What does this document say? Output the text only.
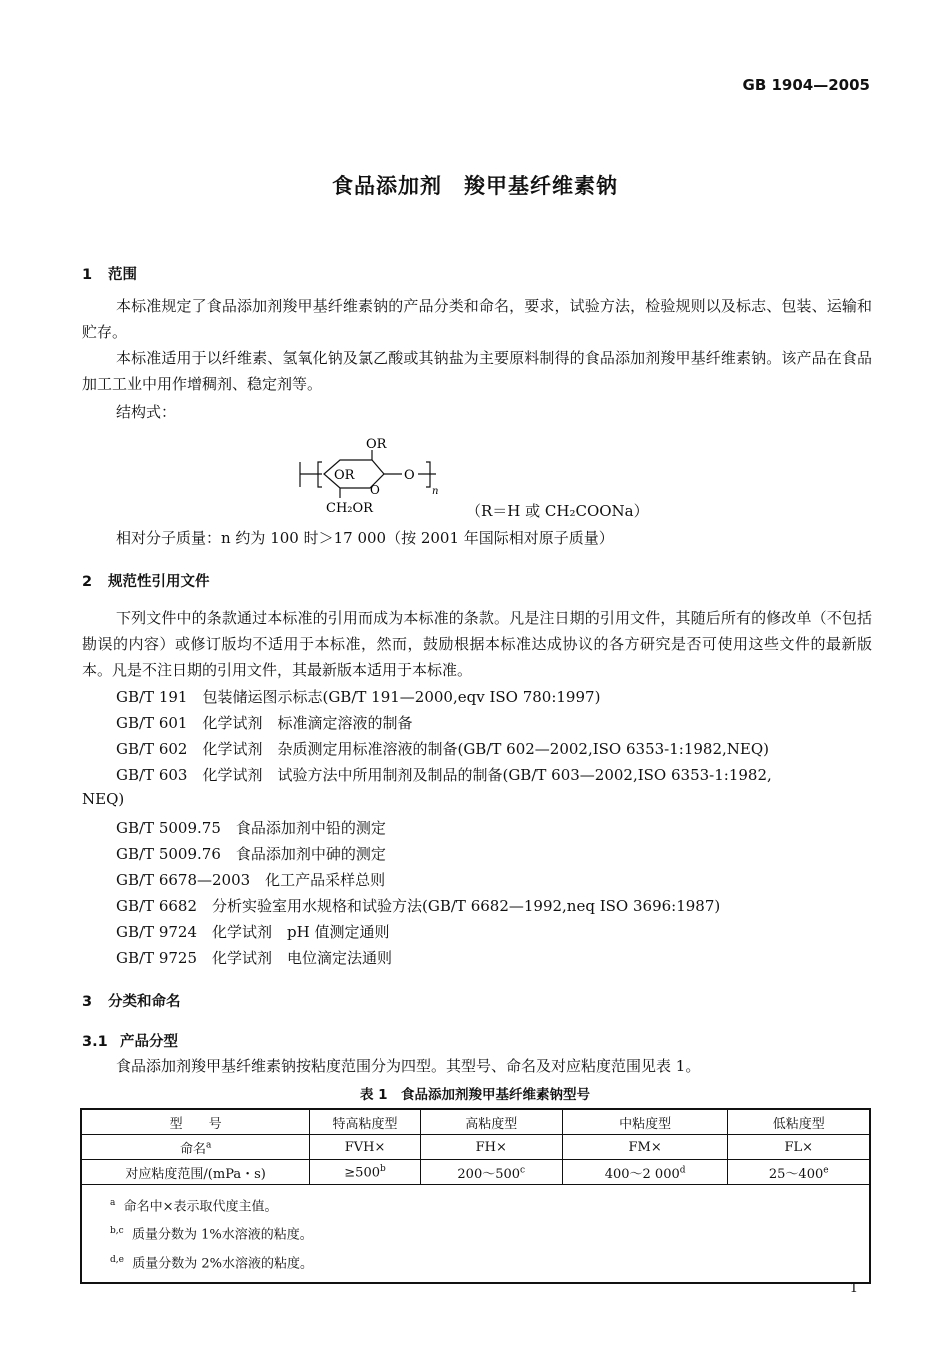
GB 1904—2005
食品添加剂　羧甲基纤维素钠
1 范围
本标准规定了食品添加剂羧甲基纤维素钠的产品分类和命名，要求，试验方法，检验规则以及标志、包装、运输和贮存。
本标准适用于以纤维素、氢氧化钠及氯乙酸或其钠盐为主要原料制得的食品添加剂羧甲基纤维素钠。该产品在食品加工工业中用作增稠剂、稳定剂等。
结构式：
OR
OR
O
O
CH₂OR
n
（R＝H 或 CH₂COONa）
相对分子质量：n 约为 100 时＞17 000（按 2001 年国际相对原子质量）
2 规范性引用文件
下列文件中的条款通过本标准的引用而成为本标准的条款。凡是注日期的引用文件，其随后所有的修改单（不包括勘误的内容）或修订版均不适用于本标准，然而，鼓励根据本标准达成协议的各方研究是否可使用这些文件的最新版本。凡是不注日期的引用文件，其最新版本适用于本标准。
GB/T 191　包装储运图示标志(GB/T 191—2000,eqv ISO 780:1997)
GB/T 601　化学试剂　标准滴定溶液的制备
GB/T 602　化学试剂　杂质测定用标准溶液的制备(GB/T 602—2002,ISO 6353-1:1982,NEQ)
GB/T 603　化学试剂　试验方法中所用制剂及制品的制备(GB/T 603—2002,ISO 6353-1:1982,
NEQ)
GB/T 5009.75　食品添加剂中铅的测定
GB/T 5009.76　食品添加剂中砷的测定
GB/T 6678—2003　化工产品采样总则
GB/T 6682　分析实验室用水规格和试验方法(GB/T 6682—1992,neq ISO 3696:1987)
GB/T 9724　化学试剂　pH 值测定通则
GB/T 9725　化学试剂　电位滴定法通则
3 分类和命名
3.1 产品分型
食品添加剂羧甲基纤维素钠按粘度范围分为四型。其型号、命名及对应粘度范围见表 1。
表 1　食品添加剂羧甲基纤维素钠型号
型　　号	特高粘度型	高粘度型	中粘度型	低粘度型
命名$^a$	FVH×	FH×	FM×	FL×
对应粘度范围/(mPa・s)	$\ge 500^b$	200～500$^c$	400～2 000$^d$	25～400e

$^a$ 命名中×表示取代度主值。
$^{b,c}$ 质量分数为 1%水溶液的粘度。
$^{d,e}$ 质量分数为 2%水溶液的粘度。				
1
